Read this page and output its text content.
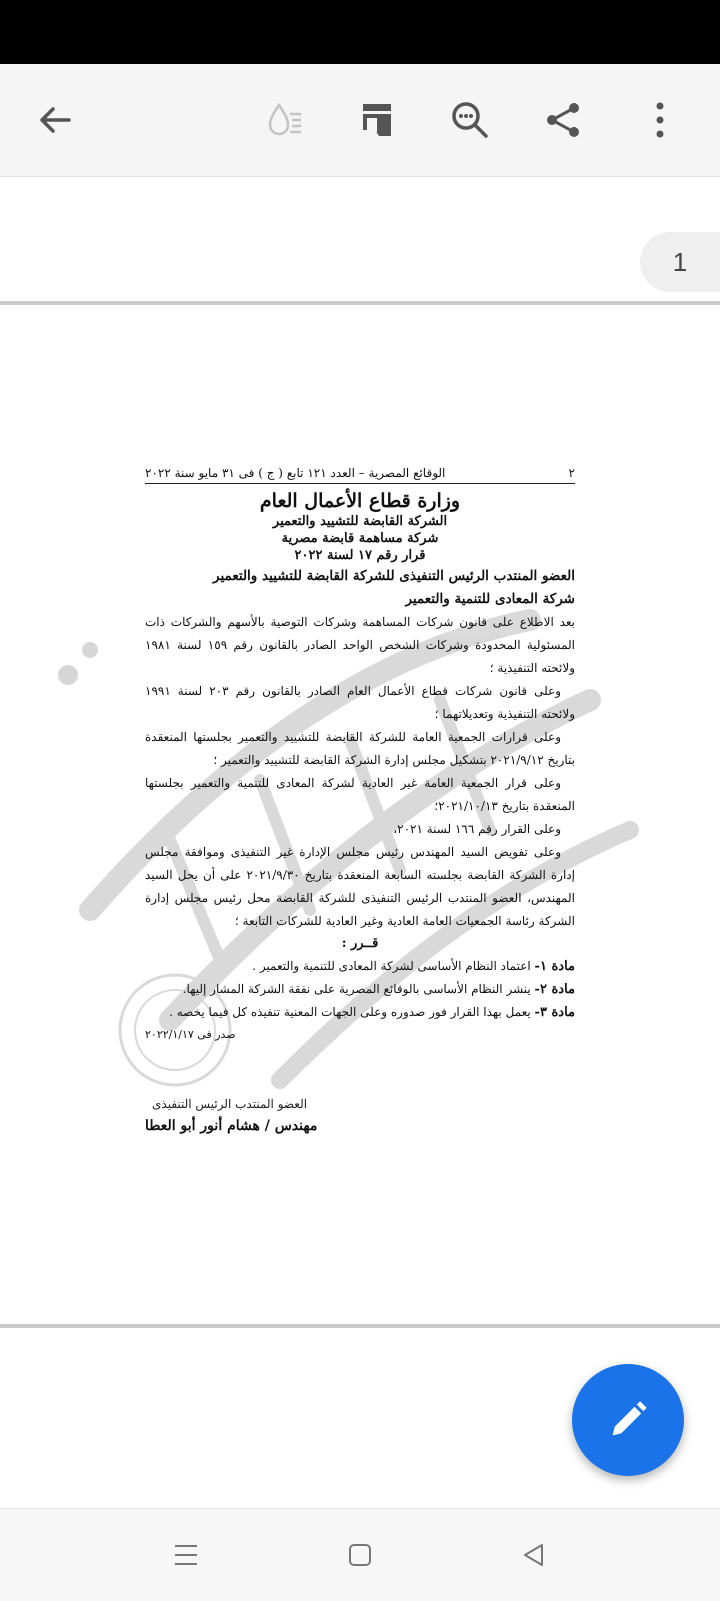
1
٢
الوقائع المصرية – العدد ١٢١ تابع ( ج ) فى ٣١ مايو سنة ٢٠٢٢
وزارة قطاع الأعمال العام
الشركة القابضة للتشييد والتعمير
شركة مساهمة قابضة مصرية
قرار رقم ١٧ لسنة ٢٠٢٢
العضو المنتدب الرئيس التنفيذى للشركة القابضة للتشييد والتعمير
شركة المعادى للتنمية والتعمير

بعد الاطلاع على قانون شركات المساهمة وشركات التوصية بالأسهم والشركات ذات المسئولية المحدودة وشركات الشخص الواحد الصادر بالقانون رقم ١٥٩ لسنة ١٩٨١ ولائحته التنفيذية ؛

وعلى قانون شركات قطاع الأعمال العام الصادر بالقانون رقم ٢٠٣ لسنة ١٩٩١ ولائحته التنفيذية وتعديلاتهما ؛

وعلى قرارات الجمعية العامة للشركة القابضة للتشييد والتعمير بجلستها المنعقدة بتاريخ ٢٠٢١/٩/١٢ بتشكيل مجلس إدارة الشركة القابضة للتشييد والتعمير ؛

وعلى قرار الجمعية العامة غير العادية لشركة المعادى للتنمية والتعمير بجلستها المنعقدة بتاريخ ٢٠٢١/١٠/١٣؛

وعلى القرار رقم ١٦٦ لسنة ٢٠٢١،

وعلى تفويض السيد المهندس رئيس مجلس الإدارة غير التنفيذى وموافقة مجلس إدارة الشركة القابضة بجلسته السابعة المنعقدة بتاريخ ٢٠٢١/٩/٣٠ على أن يحل السيد المهندس، العضو المنتدب الرئيس التنفيذى للشركة القابضة محل رئيس مجلس إدارة الشركة رئاسة الجمعيات العامة العادية وغير العادية للشركات التابعة ؛

قــرر :
مادة ١- اعتماد النظام الأساسى لشركة المعادى للتنمية والتعمير .
مادة ٢- ينشر النظام الأساسى بالوقائع المصرية على نفقة الشركة المشار إليها.
مادة ٣- يعمل بهذا القرار فور صدوره وعلى الجهات المعنية تنفيذه كل فيما يخصه .
صدر فى ٢٠٢٢/١/١٧
العضو المنتدب الرئيس التنفيذى
مهندس / هشام أنور أبو العطا
